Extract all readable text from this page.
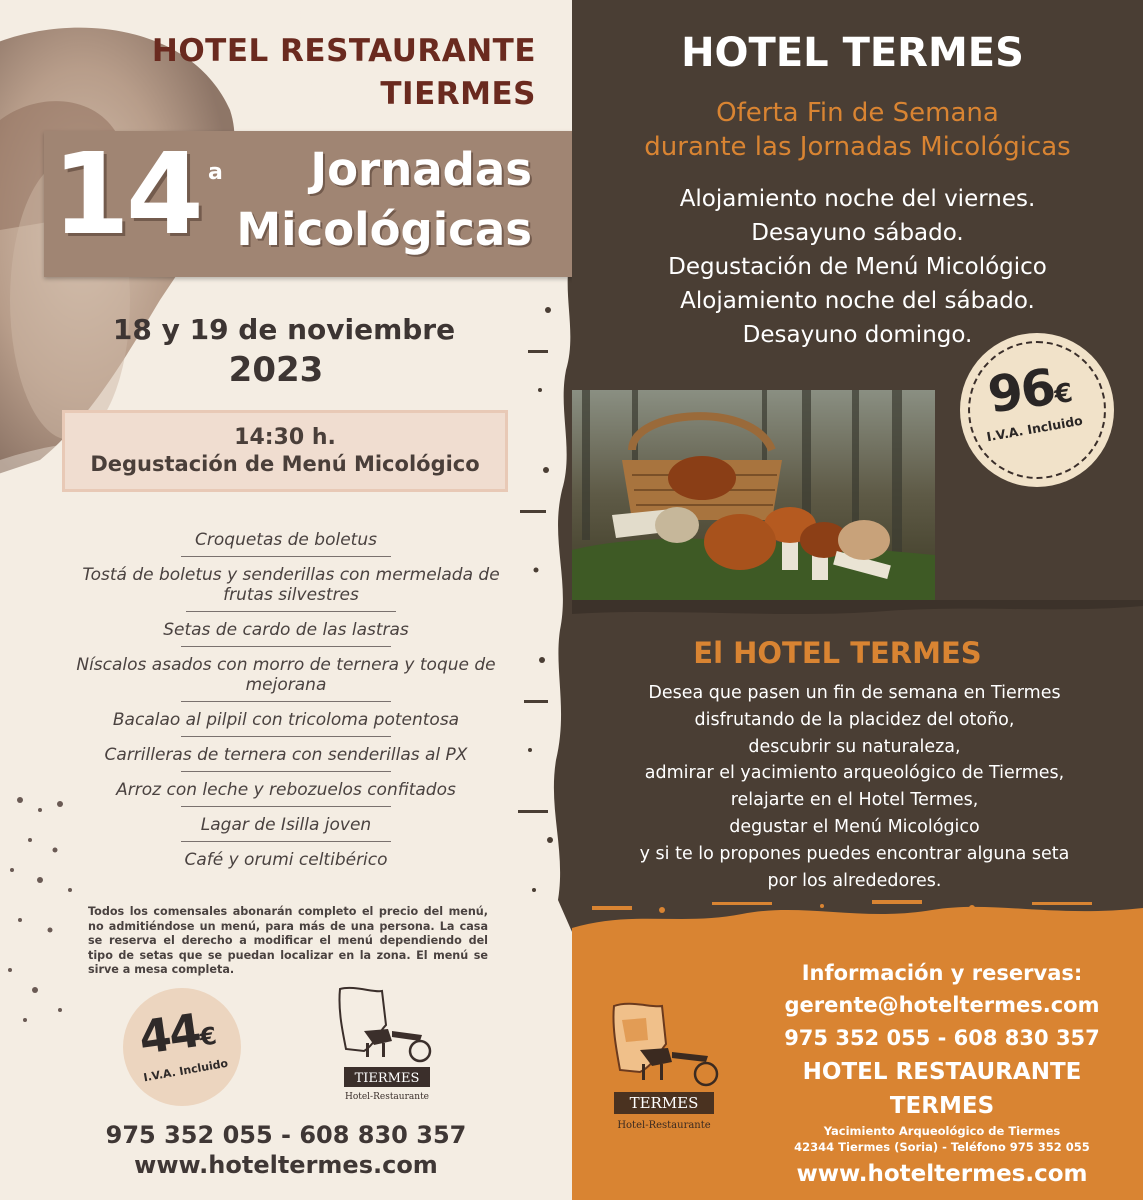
HOTEL RESTAURANTE
TIERMES
14 a	Jornadas
Micológicas
18 y 19 de noviembre
2023
14:30 h.
Degustación de Menú Micológico
Croquetas de boletus
Tostá de boletus y senderillas con mermelada de frutas silvestres
Setas de cardo de las lastras
Níscalos asados con morro de ternera y toque de mejorana
Bacalao al pilpil con tricoloma potentosa
Carrilleras de ternera con senderillas al PX
Arroz con leche y rebozuelos confitados
Lagar de Isilla joven
Café y orumi celtibérico
Todos los comensales abonarán completo el precio del menú, no admitiéndose un menú, para más de una persona. La casa se reserva el derecho a modificar el menú dependiendo del tipo de setas que se puedan localizar en la zona. El menú se sirve a mesa completa.
44€
I.V.A. Incluido	TIERMES
Hotel-Restaurante
975 352 055 - 608 830 357
www.hoteltermes.com
HOTEL TERMES
Oferta Fin de Semana
durante las Jornadas Micológicas
Alojamiento noche del viernes.
Desayuno sábado.
Degustación de Menú Micológico
Alojamiento noche del sábado.
Desayuno domingo.
96€
I.V.A. Incluido
El HOTEL TERMES
Desea que pasen un fin de semana en Tiermes
disfrutando de la placidez del otoño,
descubrir su naturaleza,
admirar el yacimiento arqueológico de Tiermes,
relajarte en el Hotel Termes,
degustar el Menú Micológico
y si te lo propones puedes encontrar alguna seta
por los alrededores.
Información y reservas:
gerente@hoteltermes.com
975 352 055 - 608 830 357
HOTEL RESTAURANTE TERMES
Yacimiento Arqueológico de Tiermes
42344 Tiermes (Soria) - Teléfono 975 352 055
www.hoteltermes.com
TERMES
Hotel-Restaurante
